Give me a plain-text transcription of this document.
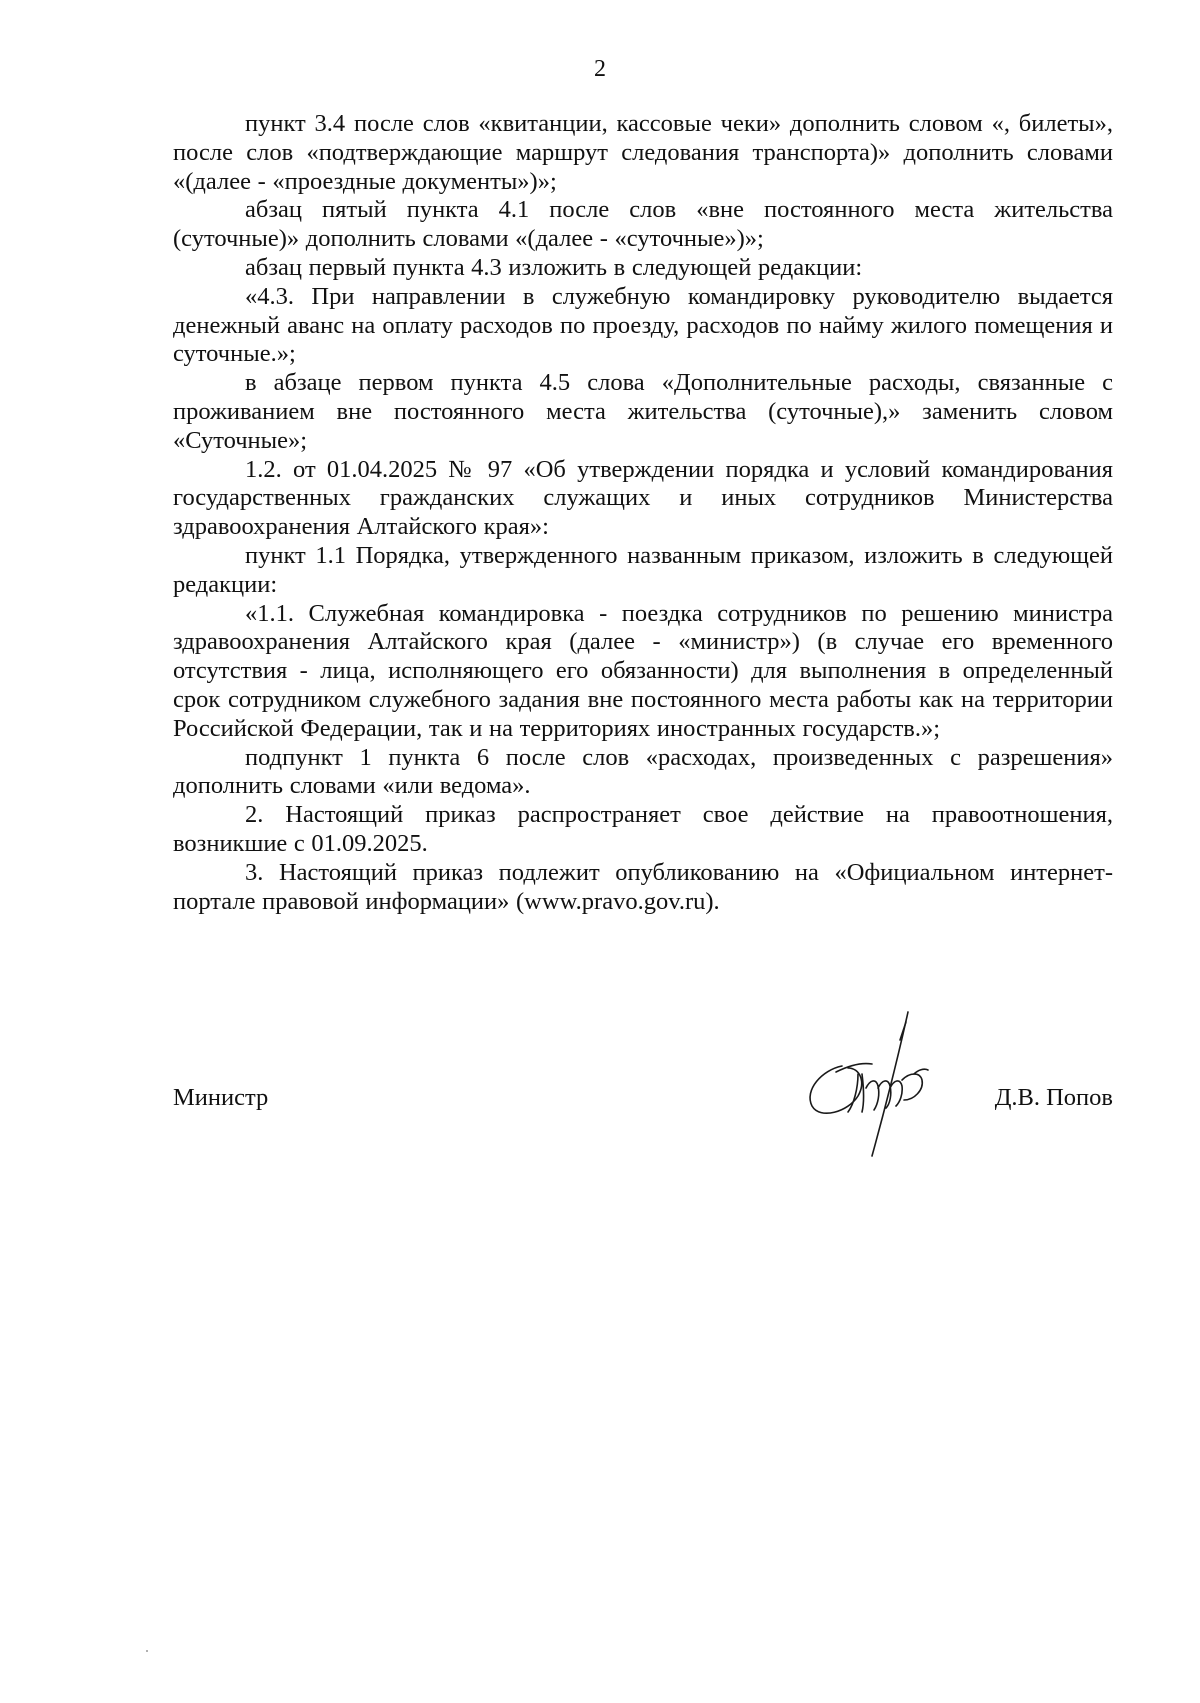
2

пункт 3.4 после слов «квитанции, кассовые чеки» дополнить словом «, билеты», после слов «подтверждающие маршрут следования транспорта)» дополнить словами «(далее - «проездные документы»)»;

абзац пятый пункта 4.1 после слов «вне постоянного места жительства (суточные)» дополнить словами «(далее - «суточные»)»;

абзац первый пункта 4.3 изложить в следующей редакции:

«4.3. При направлении в служебную командировку руководителю выдается денежный аванс на оплату расходов по проезду, расходов по найму жилого помещения и суточные.»;

в абзаце первом пункта 4.5 слова «Дополнительные расходы, связанные с проживанием вне постоянного места жительства (суточные),» заменить словом «Суточные»;

1.2. от 01.04.2025 № 97 «Об утверждении порядка и условий командирования государственных гражданских служащих и иных сотрудников Министерства здравоохранения Алтайского края»:

пункт 1.1 Порядка, утвержденного названным приказом, изложить в следующей редакции:

«1.1. Служебная командировка - поездка сотрудников по решению министра здравоохранения Алтайского края (далее - «министр») (в случае его временного отсутствия - лица, исполняющего его обязанности) для выполнения в определенный срок сотрудником служебного задания вне постоянного места работы как на территории Российской Федерации, так и на территориях иностранных государств.»;

подпункт 1 пункта 6 после слов «расходах, произведенных с разрешения» дополнить словами «или ведома».

2. Настоящий приказ распространяет свое действие на правоотношения, возникшие с 01.09.2025.

3. Настоящий приказ подлежит опубликованию на «Официальном интернет-портале правовой информации» (www.pravo.gov.ru).

Министр	Д.В. Попов
